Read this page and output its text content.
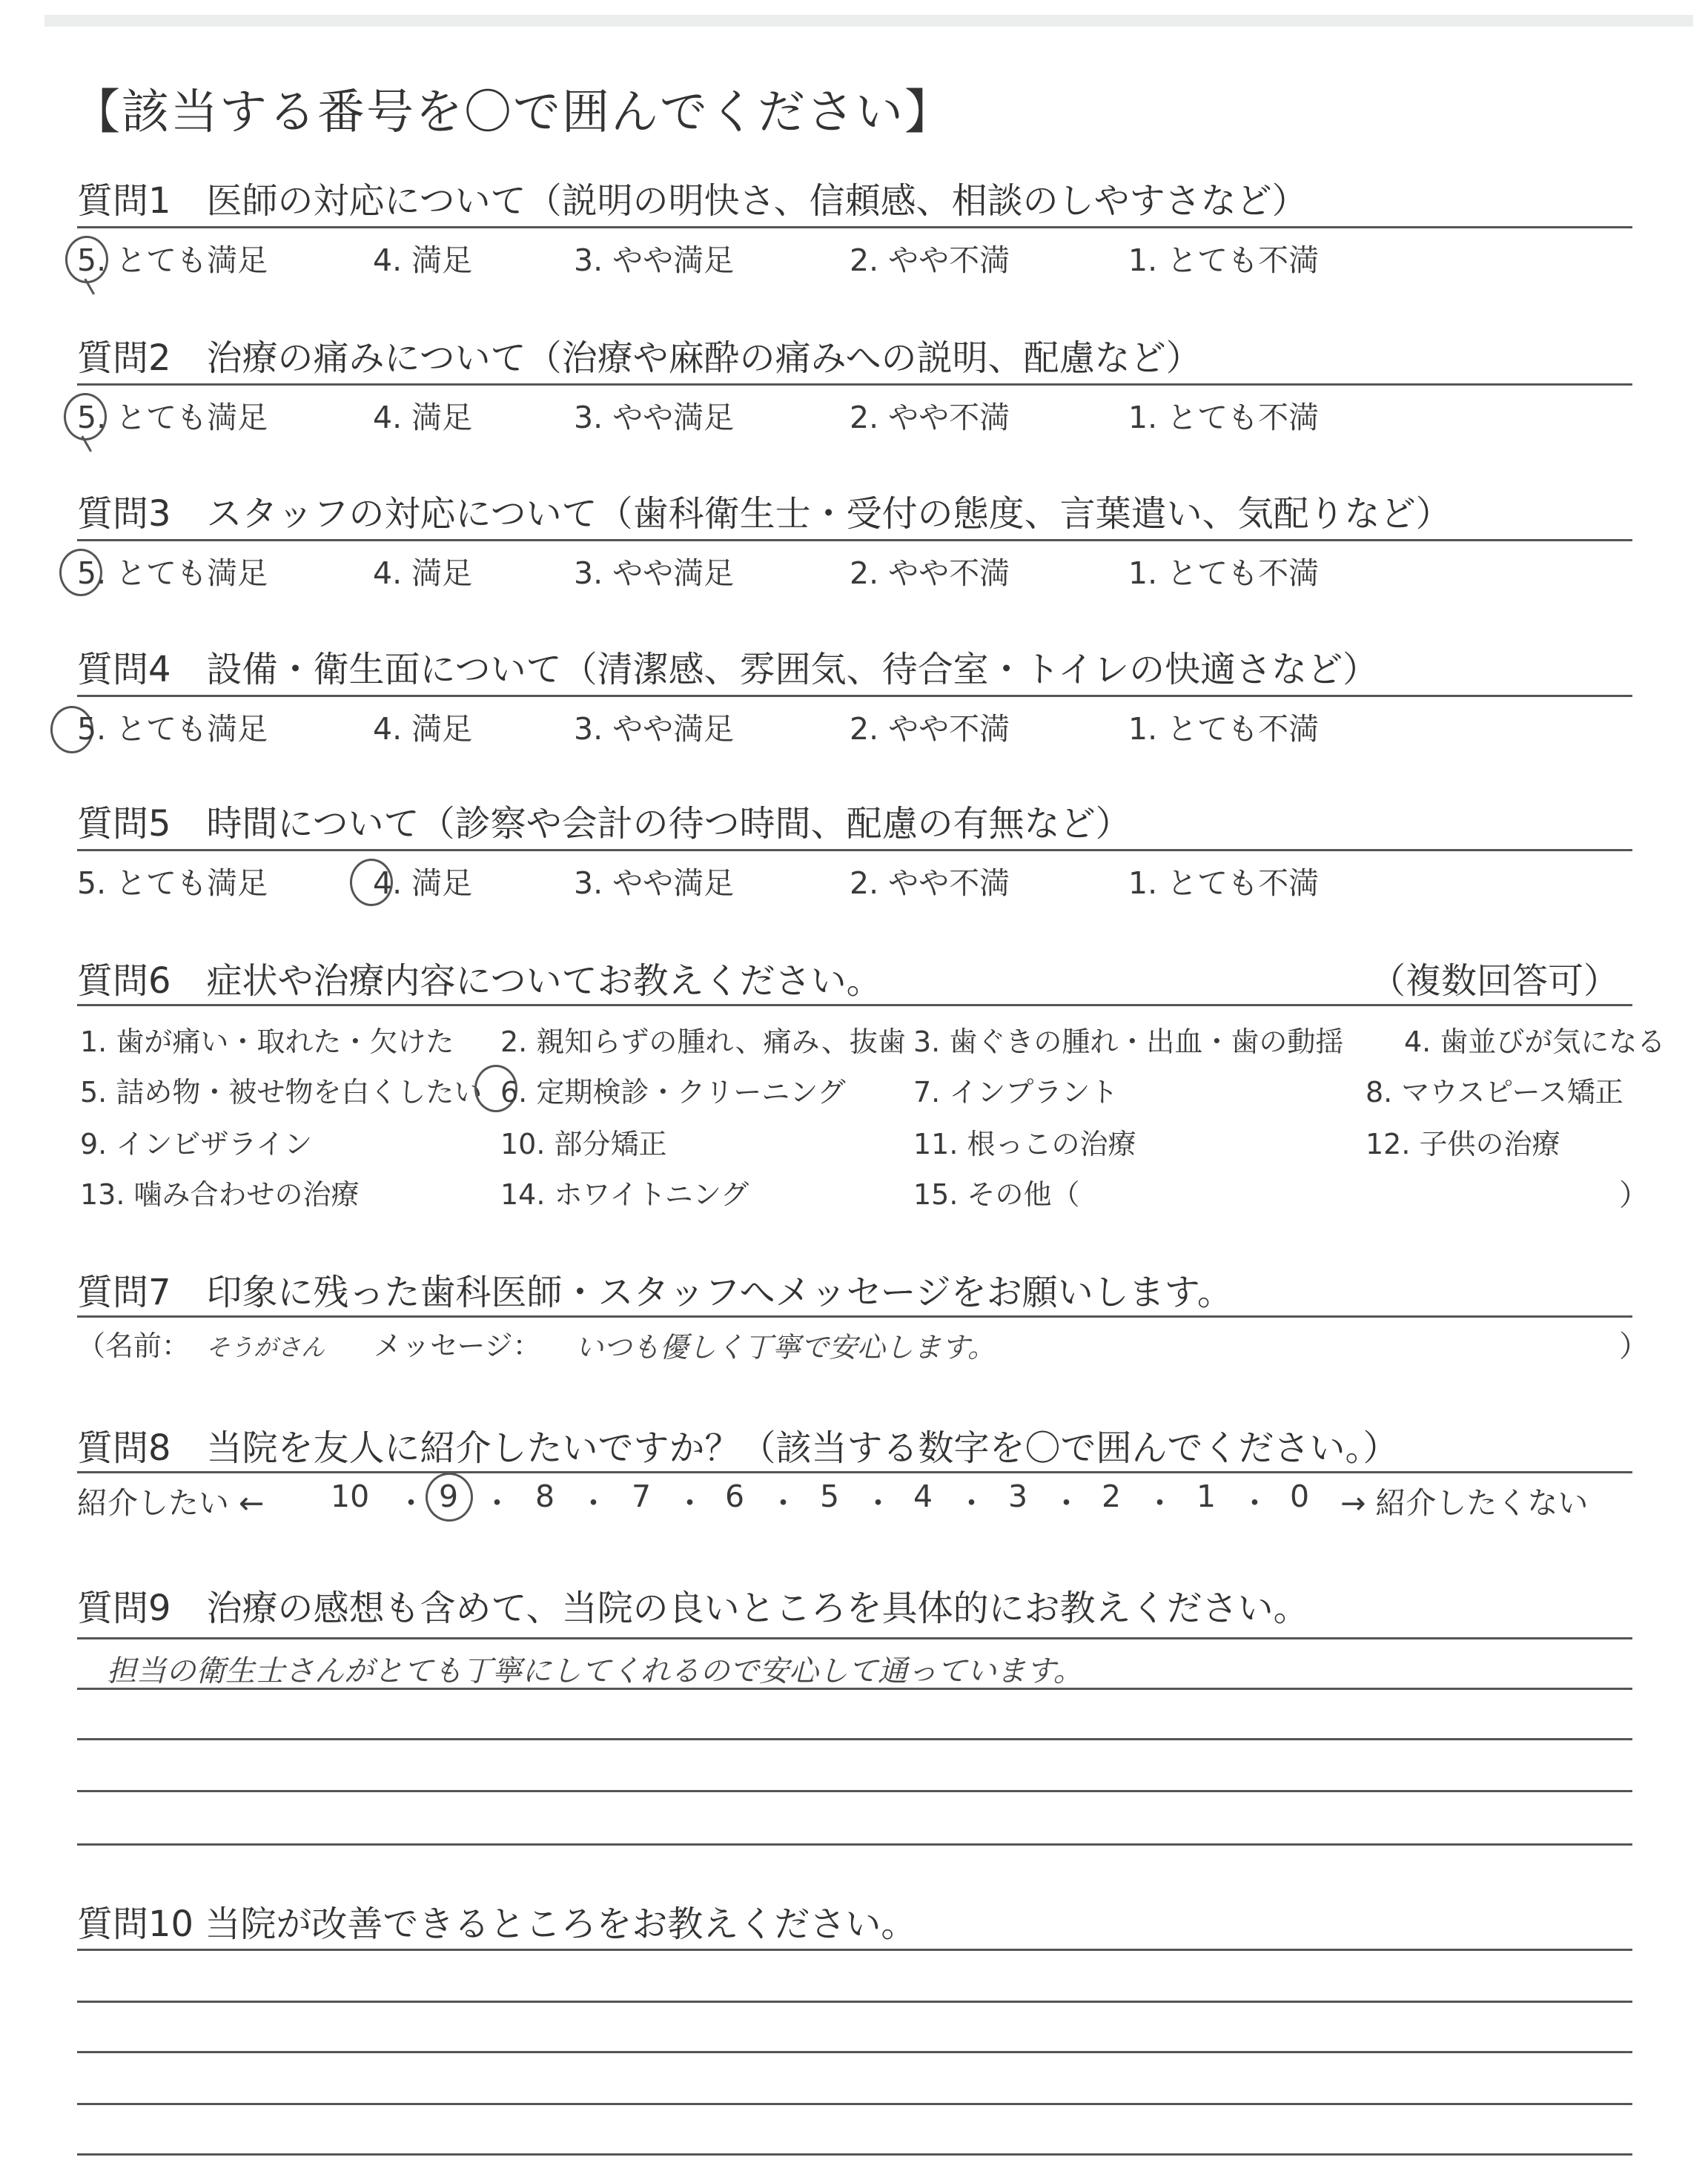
【該当する番号を〇で囲んでください】
質問1　医師の対応について（説明の明快さ、信頼感、相談のしやすさなど）
5. とても満足	4. 満足	3. やや満足	2. やや不満	1. とても不満
質問2　治療の痛みについて（治療や麻酔の痛みへの説明、配慮など）
5. とても満足	4. 満足	3. やや満足	2. やや不満	1. とても不満
質問3　スタッフの対応について（歯科衛生士・受付の態度、言葉遣い、気配りなど）
5. とても満足	4. 満足	3. やや満足	2. やや不満	1. とても不満
質問4　設備・衛生面について（清潔感、雰囲気、待合室・トイレの快適さなど）
5. とても満足	4. 満足	3. やや満足	2. やや不満	1. とても不満
質問5　時間について（診察や会計の待つ時間、配慮の有無など）
5. とても満足	4. 満足	3. やや満足	2. やや不満	1. とても不満
質問6　症状や治療内容についてお教えください。	（複数回答可）
1. 歯が痛い・取れた・欠けた 2. 親知らずの腫れ、痛み、抜歯 3. 歯ぐきの腫れ・出血・歯の動揺 4. 歯並びが気になる
5. 詰め物・被せ物を白くしたい 6. 定期検診・クリーニング 7. インプラント	8. マウスピース矯正
9. インビザライン	10. 部分矯正	11. 根っこの治療	12. 子供の治療
13. 噛み合わせの治療	14. ホワイトニング	15. その他（	）
質問7　印象に残った歯科医師・スタッフへメッセージをお願いします。
（名前： そうがさん メッセージ： いつも優しく丁寧で安心します。	）
質問8　当院を友人に紹介したいですか？（該当する数字を〇で囲んでください。）
紹介したい ← 10 ・ 9 ・ 8 ・ 7 ・ 6 ・ 5 ・ 4 ・ 3 ・ 2 ・ 1 ・ 0 → 紹介したくない
質問9　治療の感想も含めて、当院の良いところを具体的にお教えください。
担当の衛生士さんがとても丁寧にしてくれるので安心して通っています。
質問10 当院が改善できるところをお教えください。
